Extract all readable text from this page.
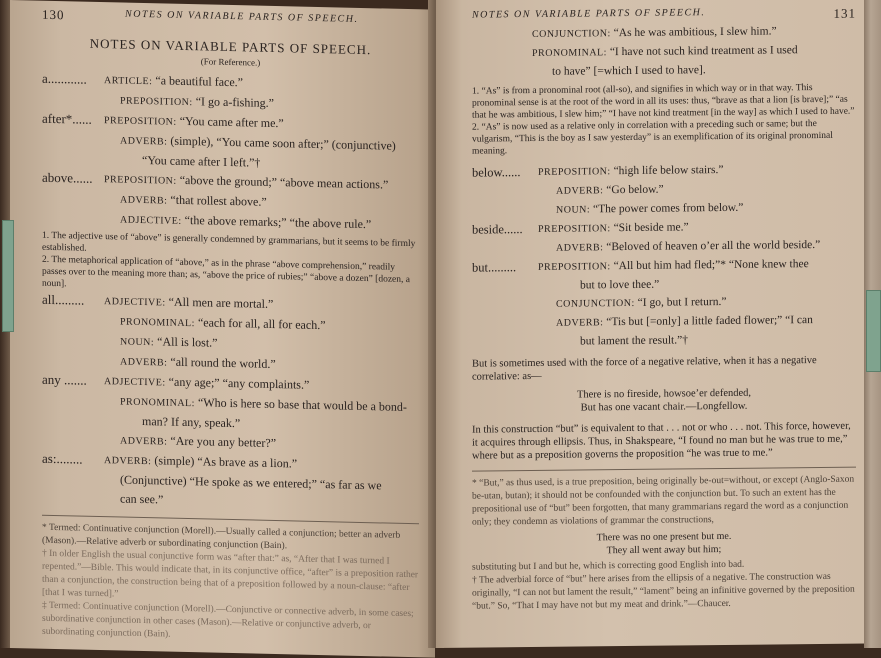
130	NOTES ON VARIABLE PARTS OF SPEECH.
NOTES ON VARIABLE PARTS OF SPEECH.
(For Reference.)
a............	ARTICLE: “a beautiful face.”
PREPOSITION: “I go a-fishing.”
after*......	PREPOSITION: “You came after me.”
ADVERB: (simple), “You came soon after;” (conjunctive)
“You came after I left.”†
above......	PREPOSITION: “above the ground;” “above mean actions.”
ADVERB: “that rollest above.”
ADJECTIVE: “the above remarks;” “the above rule.”
1. The adjective use of “above” is generally condemned by grammarians, but it seems to be firmly established.
2. The metaphorical application of “above,” as in the phrase “above comprehension,” readily passes over to the meaning more than; as, “above the price of rubies;” “above a dozen” [dozen, a noun].
all.........	ADJECTIVE: “All men are mortal.”
PRONOMINAL: “each for all, all for each.”
NOUN: “All is lost.”
ADVERB: “all round the world.”
any .......	ADJECTIVE: “any age;” “any complaints.”
PRONOMINAL: “Who is here so base that would be a bond-
man? If any, speak.”
ADVERB: “Are you any better?”
as:........	ADVERB: (simple) “As brave as a lion.”
(Conjunctive) “He spoke as we entered;” “as far as we
can see.”
* Termed: Continuative conjunction (Morell).—Usually called a conjunction; better an adverb (Mason).—Relative adverb or subordinating conjunction (Bain).
† In older English the usual conjunctive form was “after that:” as, “After that I was turned I repented.”—Bible. This would indicate that, in its conjunctive office, “after” is a preposition rather than a conjunction, the construction being that of a preposition followed by a noun-clause: “after [that I was turned].”
‡ Termed: Continuative conjunction (Morell).—Conjunctive or connective adverb, in some cases; subordinative conjunction in other cases (Mason).—Relative or conjunctive adverb, or subordinating conjunction (Bain).
NOTES ON VARIABLE PARTS OF SPEECH.	131
CONJUNCTION: “As he was ambitious, I slew him.”
PRONOMINAL: “I have not such kind treatment as I used
to have” [=which I used to have].
1. “As” is from a pronominal root (all-so), and signifies in which way or in that way. This pronominal sense is at the root of the word in all its uses: thus, “brave as that a lion [is brave];” “as that he was ambitious, I slew him;” “I have not kind treatment [in the way] as which I used to have.”
2. “As” is now used as a relative only in correlation with a preceding such or same; but the vulgarism, “This is the boy as I saw yesterday” is an exemplification of its original pronominal meaning.
below......	PREPOSITION: “high life below stairs.”
ADVERB: “Go below.”
NOUN: “The power comes from below.”
beside......	PREPOSITION: “Sit beside me.”
ADVERB: “Beloved of heaven o’er all the world beside.”
but.........	PREPOSITION: “All but him had fled;”* “None knew thee
but to love thee.”
CONJUNCTION: “I go, but I return.”
ADVERB: “Tis but [=only] a little faded flower;” “I can
but lament the result.”†
But is sometimes used with the force of a negative relative, when it has a negative correlative: as—
There is no fireside, howsoe’er defended,
But has one vacant chair.—Longfellow.
In this construction “but” is equivalent to that . . . not or who . . . not. This force, however, it acquires through ellipsis. Thus, in Shakspeare, “I found no man but he was true to me,” where but as a preposition governs the proposition “he was true to me.”
* “But,” as thus used, is a true preposition, being originally be-out=without, or except (Anglo-Saxon be-utan, butan); it should not be confounded with the conjunction but. To such an extent has the prepositional use of “but” been forgotten, that many grammarians regard the word as a conjunction only; they condemn as violations of grammar the constructions,
There was no one present but me.
They all went away but him;
substituting but I and but he, which is correcting good English into bad.
† The adverbial force of “but” here arises from the ellipsis of a negative. The construction was originally, “I can not but lament the result,” “lament” being an infinitive governed by the preposition “but.” So, “That I may have not but my meat and drink.”—Chaucer.
